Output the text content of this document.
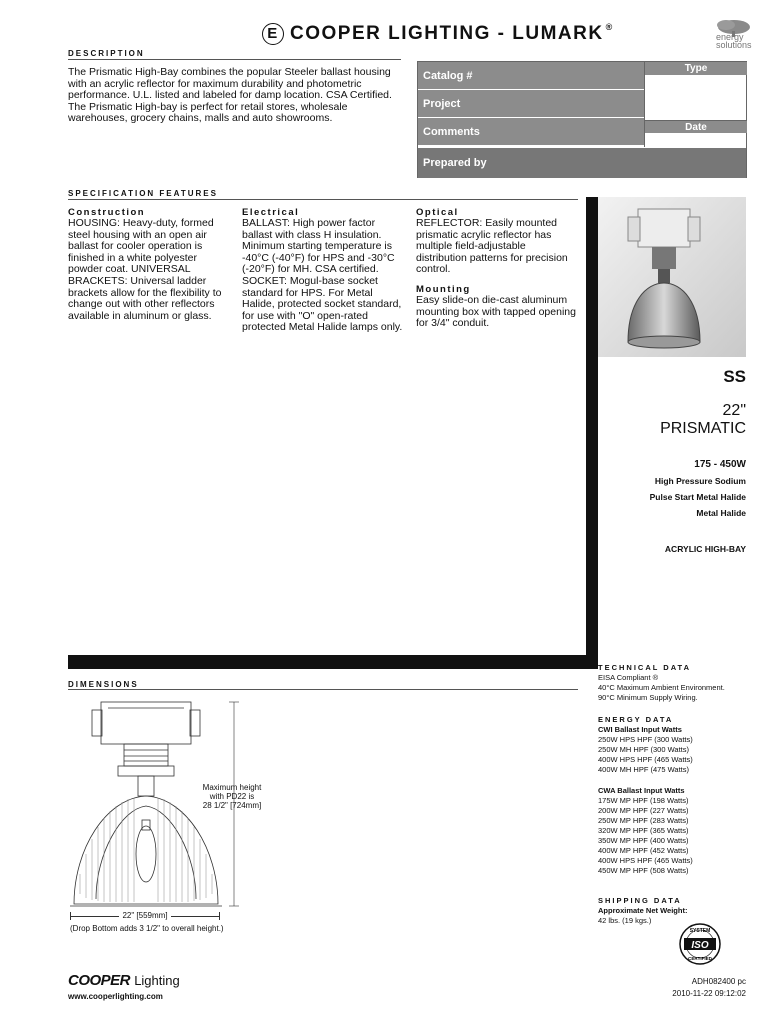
E COOPER LIGHTING - LUMARK ®
energy
solutions
DESCRIPTION
The Prismatic High-Bay combines the popular Steeler ballast housing with an acrylic reflector for maximum durability and photometric performance. U.L. listed and labeled for damp location. CSA Certified. The Prismatic High-bay is perfect for retail stores, wholesale warehouses, grocery chains, malls and auto showrooms.
Catalog #
Project
Comments
Prepared by
Type
Date
SPECIFICATION FEATURES
Construction
HOUSING: Heavy-duty, formed steel housing with an open air ballast for cooler operation is finished in a white polyester powder coat. UNIVERSAL BRACKETS: Universal ladder brackets allow for the flexibility to change out with other reflectors available in aluminum or glass.
Electrical
BALLAST: High power factor ballast with class H insulation. Minimum starting temperature is -40°C (-40°F) for HPS and -30°C (-20°F) for MH. CSA certified. SOCKET: Mogul-base socket standard for HPS. For Metal Halide, protected socket standard, for use with "O" open-rated protected Metal Halide lamps only.
Optical
REFLECTOR: Easily mounted prismatic acrylic reflector has multiple field-adjustable distribution patterns for precision control.
Mounting
Easy slide-on die-cast aluminum mounting box with tapped opening for 3/4" conduit.
SS
22"
PRISMATIC
175 - 450W
High Pressure Sodium
Pulse Start Metal Halide
Metal Halide
ACRYLIC HIGH-BAY
DIMENSIONS
Maximum height
with PD22 is
28 1/2" [724mm]
22" [559mm]
(Drop Bottom adds 3 1/2" to overall height.)
TECHNICAL DATA
EISA Compliant ®
40°C Maximum Ambient Environment.
90°C Minimum Supply Wiring.
ENERGY DATA
CWI Ballast Input Watts
250W HPS HPF (300 Watts)
250W MH HPF (300 Watts)
400W HPS HPF (465 Watts)
400W MH HPF (475 Watts)
CWA Ballast Input Watts
175W MP HPF (198 Watts)
200W MP HPF (227 Watts)
250W MP HPF (283 Watts)
320W MP HPF (365 Watts)
350W MP HPF (400 Watts)
400W MP HPF (452 Watts)
400W HPS HPF (465 Watts)
450W MP HPF (508 Watts)
SHIPPING DATA
Approximate Net Weight:
42 lbs. (19 kgs.)
SYSTEM
ISO
CERTIFIED
COOPER Lighting
www.cooperlighting.com
ADH082400 pc
2010-11-22 09:12:02
